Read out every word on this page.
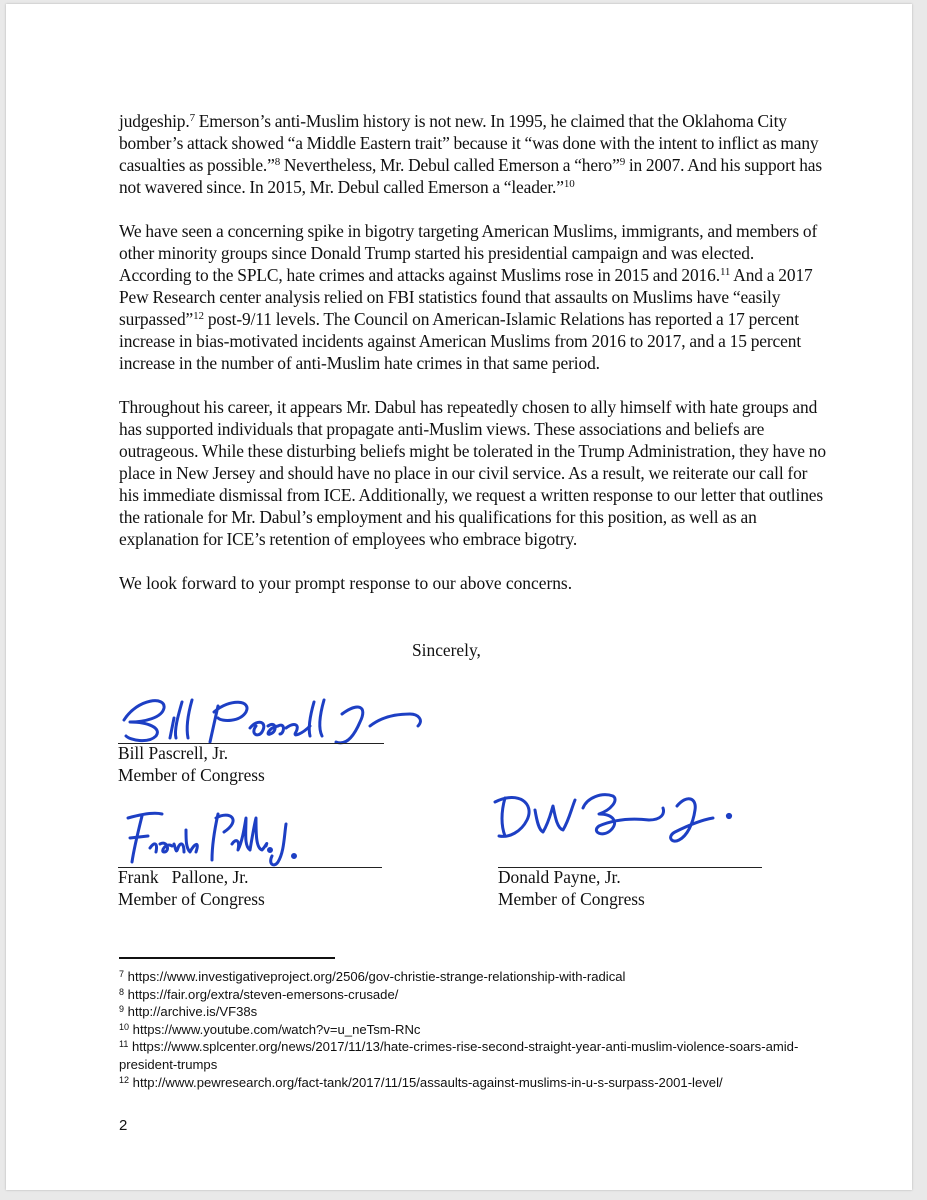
judgeship.$^7$ Emerson’s anti-Muslim history is not new. In 1995, he claimed that the Oklahoma City bomber’s attack showed “a Middle Eastern trait” because it “was done with the intent to inflict as many casualties as possible.”$^8$ Nevertheless, Mr. Debul called Emerson a “hero”$^9$ in 2007. And his support has not wavered since. In 2015, Mr. Debul called Emerson a “leader.”$^{10}$

We have seen a concerning spike in bigotry targeting American Muslims, immigrants, and members of other minority groups since Donald Trump started his presidential campaign and was elected. According to the SPLC, hate crimes and attacks against Muslims rose in 2015 and 2016.11 And a 2017 Pew Research center analysis relied on FBI statistics found that assaults on Muslims have “easily surpassed”$^{12}$ post-9/11 levels. The Council on American-Islamic Relations has reported a 17 percent increase in bias-motivated incidents against American Muslims from 2016 to 2017, and a 15 percent increase in the number of anti-Muslim hate crimes in that same period.

Throughout his career, it appears Mr. Dabul has repeatedly chosen to ally himself with hate groups and has supported individuals that propagate anti-Muslim views. These associations and beliefs are outrageous. While these disturbing beliefs might be tolerated in the Trump Administration, they have no place in New Jersey and should have no place in our civil service. As a result, we reiterate our call for his immediate dismissal from ICE. Additionally, we request a written response to our letter that outlines the rationale for Mr. Dabul’s employment and his qualifications for this position, as well as an explanation for ICE’s retention of employees who embrace bigotry.

We look forward to your prompt response to our above concerns.

Sincerely,
Bill Pascrell, Jr.
Member of Congress
Frank   Pallone, Jr.
Member of Congress
Donald Payne, Jr.
Member of Congress

$^7$ https://www.investigativeproject.org/2506/gov-christie-strange-relationship-with-radical

$^8$ https://fair.org/extra/steven-emersons-crusade/

$^9$ http://archive.is/VF38s

$^{10}$ https://www.youtube.com/watch?v=u_neTsm-RNc

$^{11}$ https://www.splcenter.org/news/2017/11/13/hate-crimes-rise-second-straight-year-anti-muslim-violence-soars-amid-president-trumps

$^{12}$ http://www.pewresearch.org/fact-tank/2017/11/15/assaults-against-muslims-in-u-s-surpass-2001-level/

2
